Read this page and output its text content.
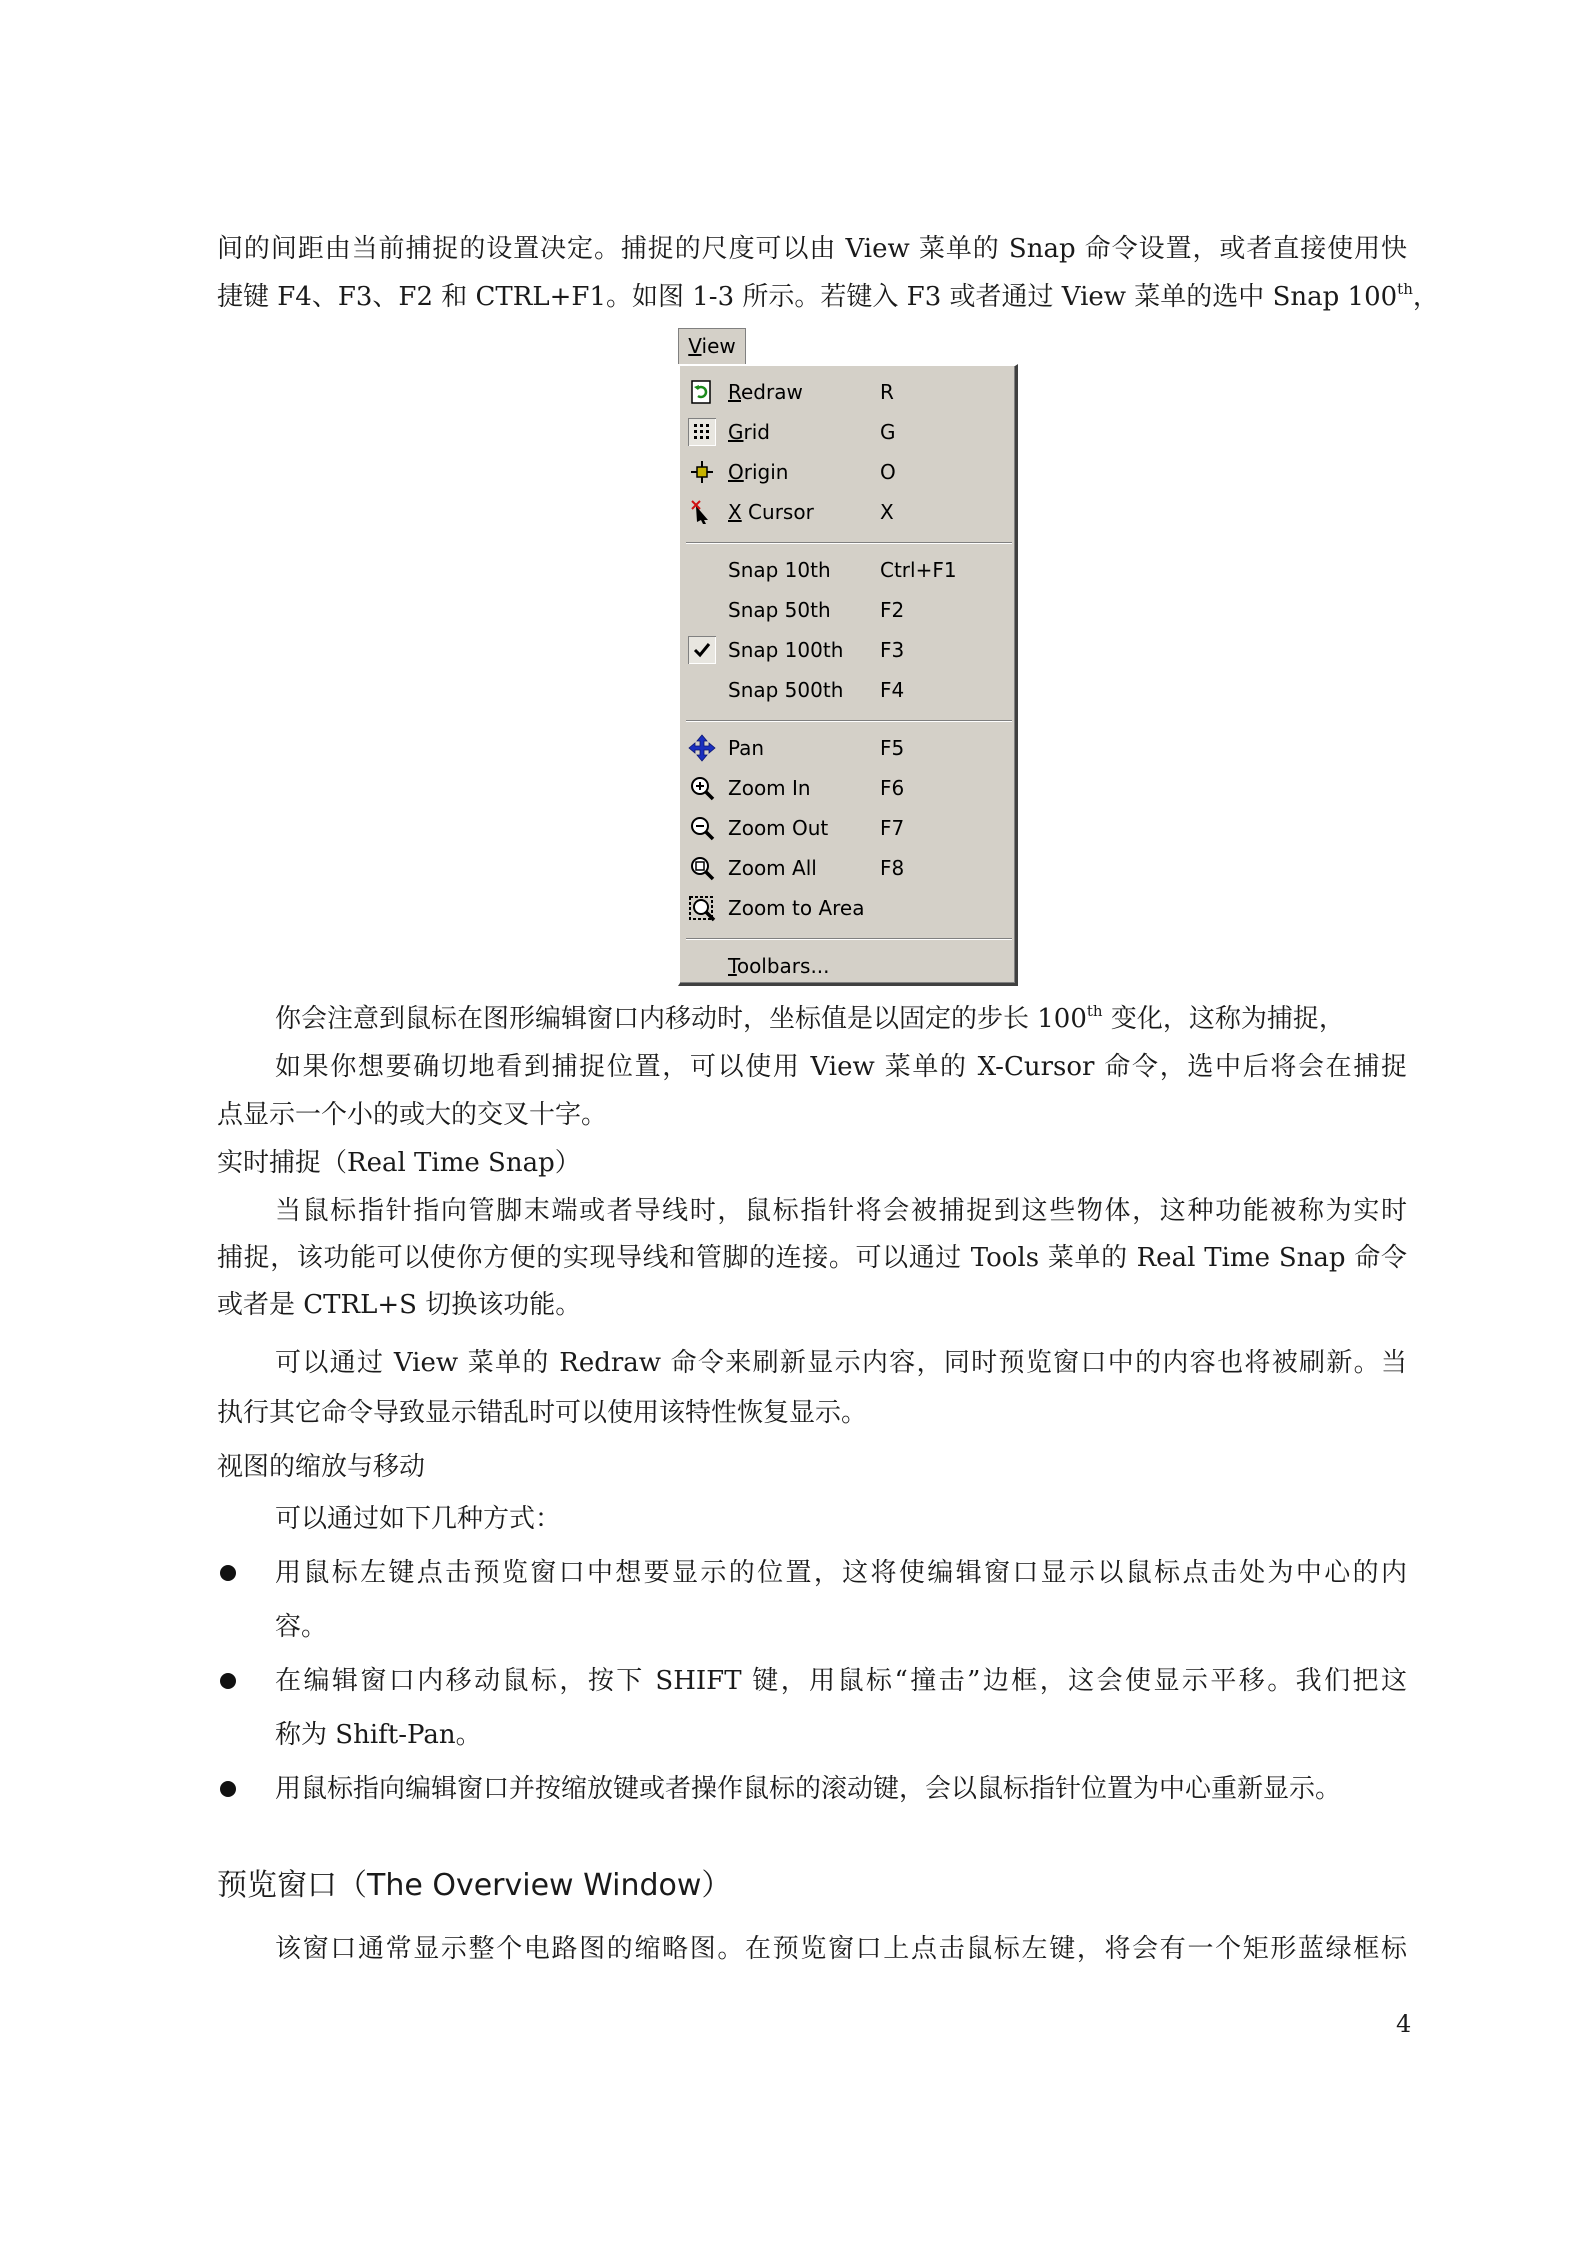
间的间距由当前捕捉的设置决定。捕捉的尺度可以由 View 菜单的 Snap 命令设置，或者直接使用快
捷键 F4、F3、F2 和 CTRL+F1。如图 1-3 所示。若键入 F3 或者通过 View 菜单的选中 Snap 100th，
View
Redraw	R
Grid	G
Origin	O
X Cursor	X
Snap 10th Ctrl+F1
Snap 50th F2
Snap 100th F3
Snap 500th F4
Pan	F5
Zoom In	F6
Zoom Out	F7
Zoom All	F8
Zoom to Area
Toolbars...
你会注意到鼠标在图形编辑窗口内移动时，坐标值是以固定的步长 100th 变化，这称为捕捉，
如果你想要确切地看到捕捉位置，可以使用 View 菜单的 X-Cursor 命令，选中后将会在捕捉
点显示一个小的或大的交叉十字。
实时捕捉（Real Time Snap）
当鼠标指针指向管脚末端或者导线时，鼠标指针将会被捕捉到这些物体，这种功能被称为实时
捕捉，该功能可以使你方便的实现导线和管脚的连接。可以通过 Tools 菜单的 Real Time Snap 命令
或者是 CTRL+S 切换该功能。
可以通过 View 菜单的 Redraw 命令来刷新显示内容，同时预览窗口中的内容也将被刷新。当
执行其它命令导致显示错乱时可以使用该特性恢复显示。
视图的缩放与移动
可以通过如下几种方式：
用鼠标左键点击预览窗口中想要显示的位置，这将使编辑窗口显示以鼠标点击处为中心的内
容。
在编辑窗口内移动鼠标，按下 SHIFT 键，用鼠标“撞击”边框，这会使显示平移。我们把这
称为 Shift-Pan。
用鼠标指向编辑窗口并按缩放键或者操作鼠标的滚动键，会以鼠标指针位置为中心重新显示。
预览窗口（The Overview Window）
该窗口通常显示整个电路图的缩略图。在预览窗口上点击鼠标左键，将会有一个矩形蓝绿框标
4
